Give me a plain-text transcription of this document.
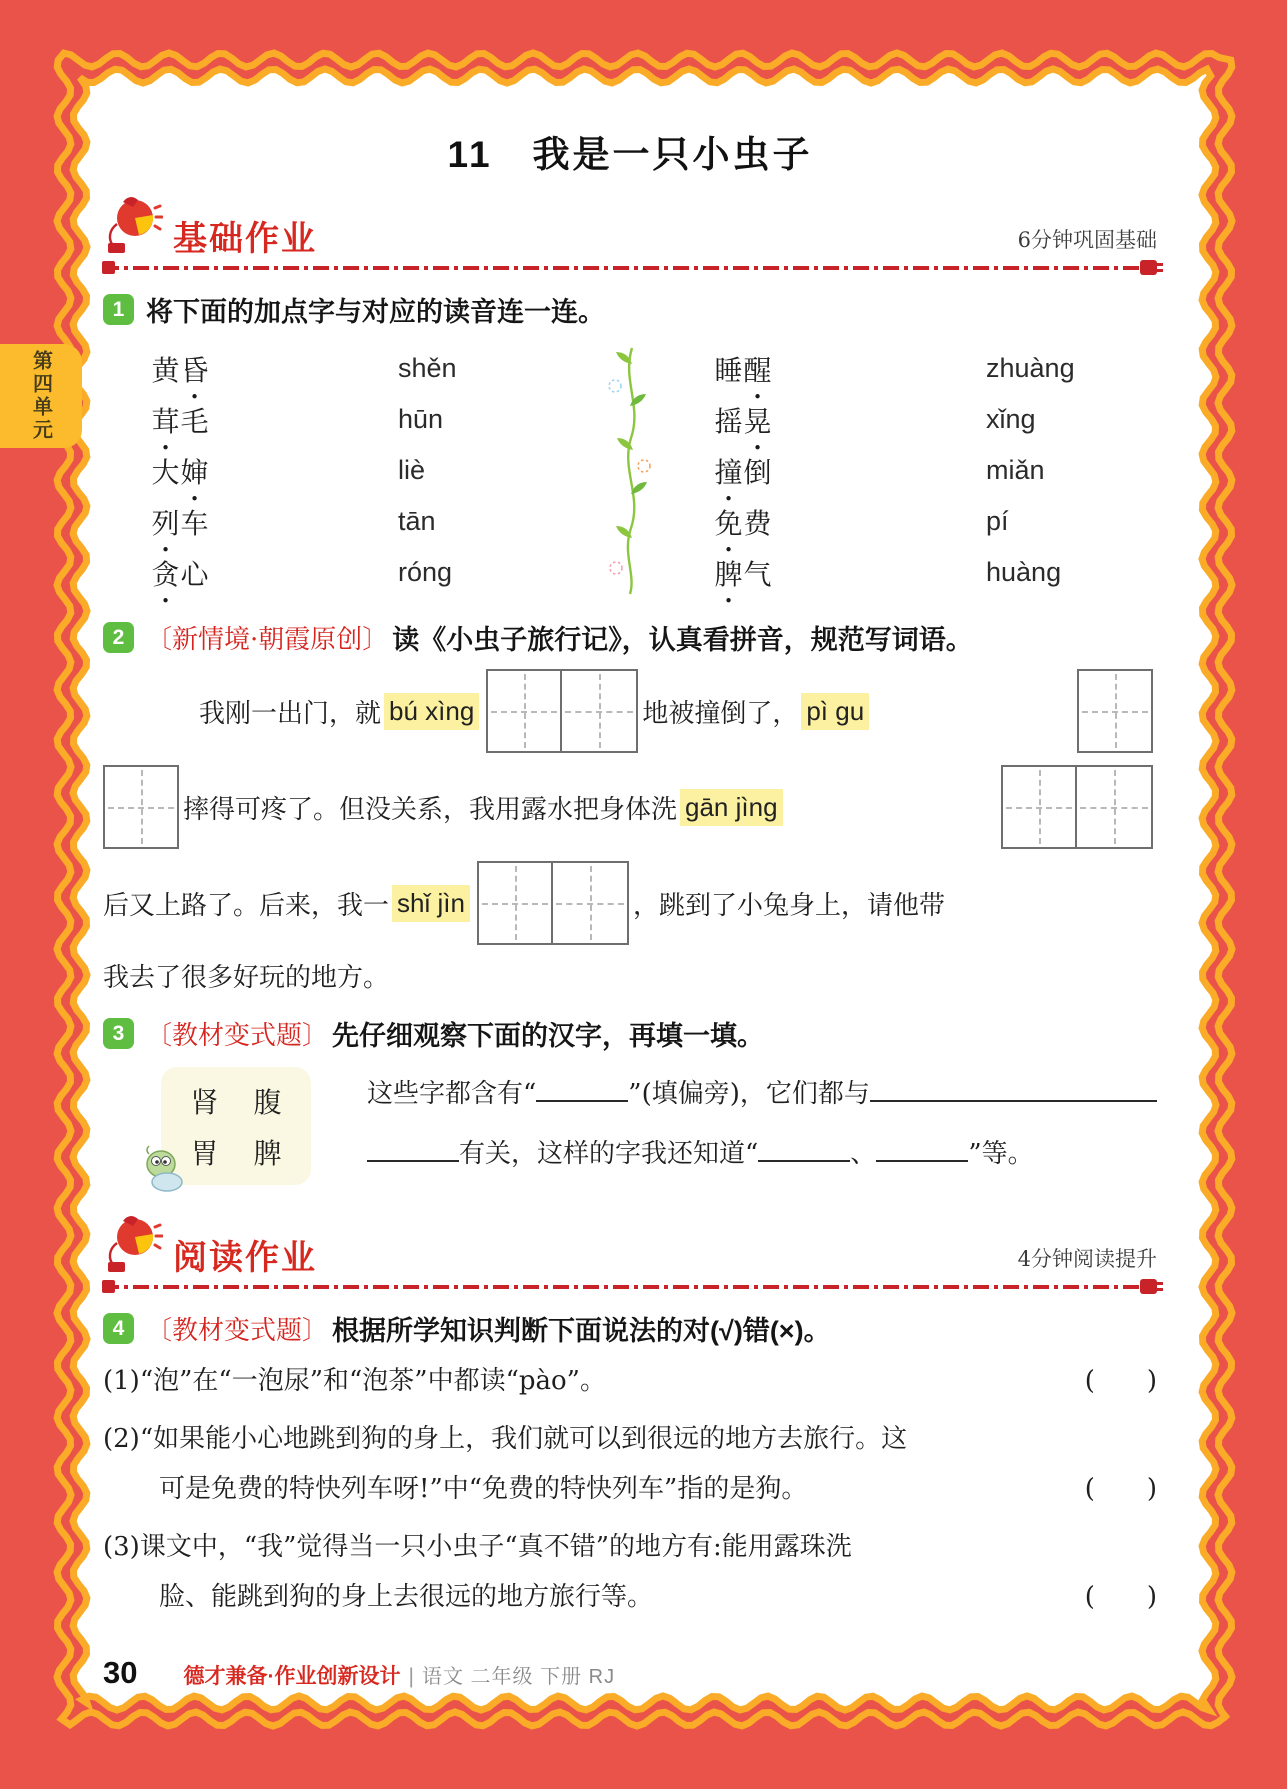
第四单元
11　我是一只小虫子
基础作业	6分钟巩固基础
1 将下面的加点字与对应的读音连一连。
黄昏	shěn	睡醒	zhuàng
茸毛	hūn	摇晃	xǐng
大婶	liè	撞倒	miǎn
列车	tān	免费	pí
贪心	róng	脾气	huàng
2 〔新情境·朝霞原创〕 读《小虫子旅行记》，认真看拼音，规范写词语。
我刚一出门，就 bú xìng	地被撞倒了， pì gu
摔得可疼了。但没关系，我用露水把身体洗 gān jìng
后又上路了。后来，我一 shǐ jìn	，跳到了小兔身上，请他带
我去了很多好玩的地方。
3 〔教材变式题〕 先仔细观察下面的汉字，再填一填。
肾 腹
胃 脾
这些字都含有“	”(填偏旁)，它们都与
有关，这样的字我还知道“	、	”等。
阅读作业	4分钟阅读提升
4 〔教材变式题〕 根据所学知识判断下面说法的对(√)错(×)。
(1)“泡”在“一泡尿”和“泡茶”中都读“pào”。	(　　)
(2)“如果能小心地跳到狗的身上，我们就可以到很远的地方去旅行。这
可是免费的特快列车呀!”中“免费的特快列车”指的是狗。	(　　)
(3)课文中，“我”觉得当一只小虫子“真不错”的地方有:能用露珠洗
脸、能跳到狗的身上去很远的地方旅行等。	(　　)
30 德才兼备·作业创新设计 | 语文 二年级 下册 RJ
